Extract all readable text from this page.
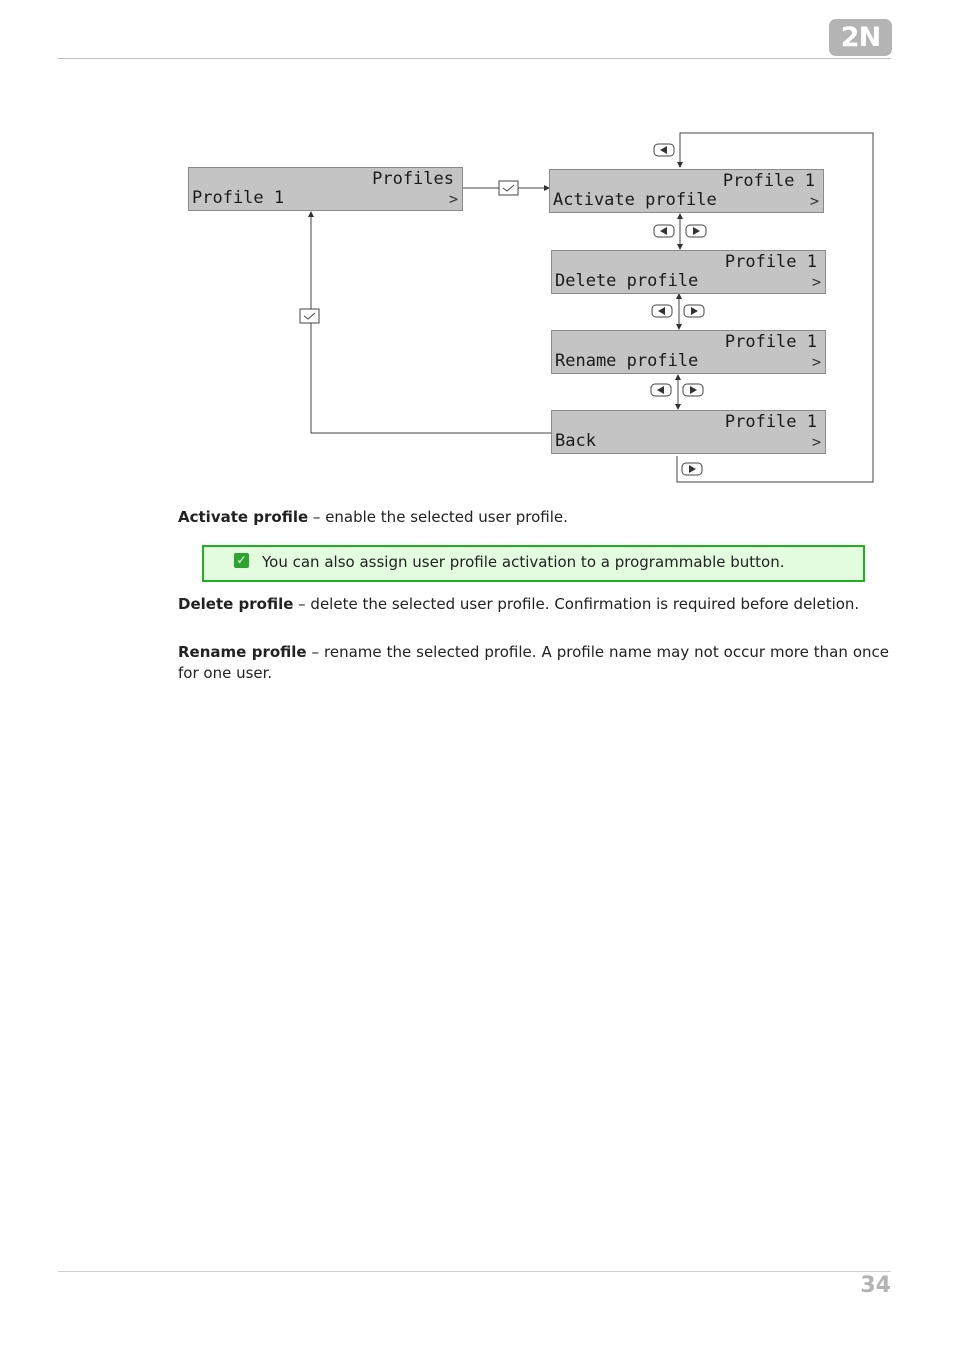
2N
Profiles
Profile 1	>
Profile 1
Activate profile	>
Profile 1
Delete profile	>
Profile 1
Rename profile	>
Profile 1
Back	>

Activate profile – enable the selected user profile.

✓ You can also assign user profile activation to a programmable button.

Delete profile – delete the selected user profile. Confirmation is required before deletion.

Rename profile – rename the selected profile. A profile name may not occur more than once for one user.

34
